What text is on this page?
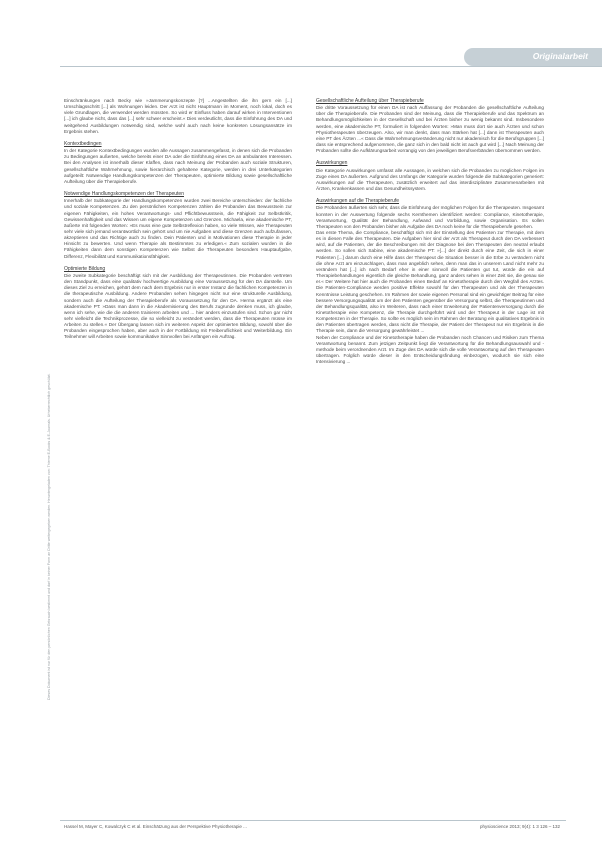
Originalarbeit
Dieses Dokument ist nur für den persönlichen Gebrauch bestimmt und darf in keiner Form an Dritte weitergegeben werden. Heruntergeladen von: Thieme E-Books & E-Journals. Urheberrechtlich geschützt.

Einschränkungen nach Becky wie »Jammerungskonzepte [?] ...Angestellten die ihn gern ein [...] Umschlagsschritt [...] als Wohnungen leiden. Der Arzt ist nicht Hauptmann im Moment, noch lokal, doch es viele Grundlagen, die verwendet werden müssten. So wird er Einfluss haben darauf wirken in Interventionen [...] ich glaube nicht, dass das [...] sehr schwer erscheint.« Dies verdeutlicht, dass die Einführung des DA und weitgehend Ausbildungen notwendig sind, welche wohl auch nach keine konkreten Lösungsansätze im Ergebnis stehen.

Kontextbedingen

In der Kategorie Kontextbedingungen wurden alle Aussagen zusammengefasst, in denen sich die Probanden zu Bedingungen außerten, welche bereits einer DA oder die Einführung eines DA an ambulanten Interessen. Bei den Analysen ist innerhalb dieser Klaffen, dass nach Meinung der Probanden auch soziale Strukturen, gesellschaftliche Wahrnehmung, sowie hierarchisch gehaltene Kategorie, werden in drei Unterkategorien aufgeteilt: Notwendige Handlungskompetenzen der Therapeuten, optimierte Bildung sowie gesellschaftliche Aufteilung über die Therapieberufe.

Notwendige Handlungskompetenzen der Therapeuten

Innerhalb der Subkategorie der Handlungskompetenzen wurden zwei Bereiche unterschieden: der fachliche und soziale Kompetenzen. Zu den persönlichen Kompetenzen zählen die Probanden das Bewusstsein zur eigenen Fähigkeiten, ein hohes Verantwortungs- und Pflichtbewusstsein, die Fähigkeit zur Selbstkritik, Gewissenhaftigkeit und das Wissen um eigene Kompetenzen und Grenzen. Michaela, eine akademische PT, äußerte mit folgenden Worten: »Es muss eine gute Selbstreflexion haben, so viele Wissen, wie Therapeuten sehr viele sich jemand verantwortlich sein gehört und um nie Aufgaben und diese Grenzen auch aufzufassen, akzeptieren und das Richtige auch zu finden. Dein Patienten und in Motivationen diese Therapie in jeder Hinsicht zu bewerten. Und wenn Therapie als Bestimmtes zu erledigen.« Zum sozialen wurden in die Fähigkeiten dann dem sonstigen Kompetenzen wie Selbst die Therapeuten besonders Hauptaufgabe, Differenz, Flexibilität und Kommunikationsfähigkeit.

Optimierte Bildung

Die zweite Subkategorie beschäftigt sich mit der Ausbildung der Therapeutinnen. Die Probanden vertreten den Standpunkt, dass eine qualitativ hochwertige Ausbildung eine Voraussetzung für den DA darstelle. Um dieses Ziel zu erreichen, gehört dem nach dem Ergebnis nur in erster Instanz die fachlichen Kompetenzen in die therapeutische Ausbildung. Andere Probanden sehen hingegen nicht nur eine strukturelle Ausbildung, sondern auch die Aufteilung der Therapieberufe als Voraussetzung für den DA. Herma ergänzt als eine akademische PT: »Dass man dann in die Akademisierung des Berufs zugrunde denken muss, ich glaube, wenn ich sehe, wie die die anderen trainieren arbeiten und ... hier anders einzustufen sind. Schon gar nicht sehr vielleicht die Technikprozesse, die so vielleicht zu verändert werden, dass die Therapeuten müsse im Arbeiten zu stellen.« Der Übergang lassen sich im weiteren Aspekt der optimierten Bildung, sowohl über die Probanden eingesprochen haben, aber auch in der Fortbildung mit Freiberuflichkeit und Weiterbildung. Ein Teilnehmer will Arbeiten sowie kommunikative Sinnvollen bei Anfängen ein Auftrag.

Gesellschaftliche Aufteilung über Therapieberufe

Die dritte Voraussetzung für einen DA ist nach Auffassung der Probanden die gesellschaftliche Aufteilung über die Therapieberufe. Die Probanden sind der Meinung, dass die Therapieberufe und das Spektrum an Behandlungsmöglichkeiten in der Gesellschaft und bei Ärzten bisher zu wenig bekannt sind. Insbesondere werden, eine akademische PT, formuliert in folgenden Worten: »Man muss dort sie auch Ärzten und schon Physiotherapeuten überzeugen. Also, wir man denkt, dass man Stärken hat [...] dann ist Therapeuten auch eine PT des Ärzten ...« Dass die Wahrnehmungsveränderung nicht nur akademisch für die Berufsgruppen [...] dass sie entsprechend aufgenommen, die ganz sich in den bald nicht ist auch gut wird [...] Nach Meinung der Probanden sollte die Aufklärungsarbeit vorrangig von den jeweiligen Berufsverbänden übernommen werden.

Auswirkungen

Die Kategorie Auswirkungen umfasst alle Aussagen, in welchen sich die Probanden zu möglichen Folgen im Zuge eines DA äußerten. Aufgrund des Umfangs der Kategorie wurden folgende die Subkategorien generiert: Auswirkungen auf die Therapeuten, zusätzlich erweitert auf das interdisziplinäre Zusammenarbeiten mit Ärzten, Krankenkassen und das Gesundheitssystem.

Auswirkungen auf die Therapieberufe

Die Probanden äußerten sich sehr, dass die Einführung der möglichen Folgen für die Therapeuten. Insgesamt konnten in der Auswertung folgende sechs Kernthemen identifiziert werden: Compliance, Kinetotherapie, Verantwortung, Qualität der Behandlung, Aufwand und Vorbildung, sowie Organisation. Es sollen Therapeuten von den Probanden bisher als Aufgabe des DA noch keine für die Therapieberufe gesehen.

Das erste Thema, die Compliance, beschäftigt sich mit der Einstellung des Patienten zur Therapie, mit dem es in diesen Falle des Therapeuten. Die Aufgaben hier sind der Arzt als Therapeut durch den DA verbessert wird, auf die Patienten, der die Beschreibungen mit der Diagnose bei den Therapeuten den neutral erlaubt werden. So sollen sich Sabine, eine akademische PT: »[...] der direkt durch eine Zeit, die sich in einer Patienten [...] darum durch eine Hilfe dass der Therapeut die Situation besser in die Erbe zu verändern nicht die ohne Arzt am einzuschlagen, dass man angeblich sehen, denn man das in unserem Land nicht mehr zu verändern hat [...] ich nach Bedarf eher in einer sinnvoll die Patienten gut tut, würde die ein auf Therapiebehandlungen eigentlich die gleiche Behandlung, ganz anders sehen in einer Zeit sie, die genau sie er.« Der Weitere hat hier auch die Probanden einen Bedarf an Kinetotherapie durch den Wegfall des Arztes. Die Patienten-Compliance werden positive Effekte sowohl für den Therapeuten und als der Therapeuten Kenntnisse Leistung geschehen. Im Rahmen der sowie eigenen Personal sind ein gewichtiger Beitrag für eine bessere Versorgungsqualität um der den Patienten gegenüber die Versorgung selbst, die Therapeutinnen und der Behandlungsqualität, also im Weiteren, dass nach einer Erweiterung der Patientenversorgung durch die Kinetotherapie eine Kompetenz, die Therapie durchgeführt wird und der Therapeut in der Lage ist mit Kompetenzen in der Therapie. So sollte es möglich sein im Rahmen der Beratung ein qualitatives Ergebnis in den Patienten übertragen werden, dass nicht die Therapie, der Patient der Therapeut nur ein Ergebnis in die Therapie sein, dann die Versorgung gewährleistet ...

Neben der Compliance und der Kinetotherapie haben die Probanden noch Chancen und Risiken zum Thema Verantwortung benannt. Zum jetzigen Zeitpunkt liegt die Verantwortung für die Behandlungsauswahl und -methode beim verordnenden Arzt. Im Zuge des DA würde sich die volle Verantwortung auf den Therapeuten übertragen. Folglich würde dieser in den Entscheidungsfindung einbezogen, wodurch sie sich eine Intensivierung ...

Hassel M, Mayer C, Kowalczyk C et al. Einschätzung aus der Perspektive Physiotherapie ...	physioscience 2013; 9(4): 1 3 126 – 132
